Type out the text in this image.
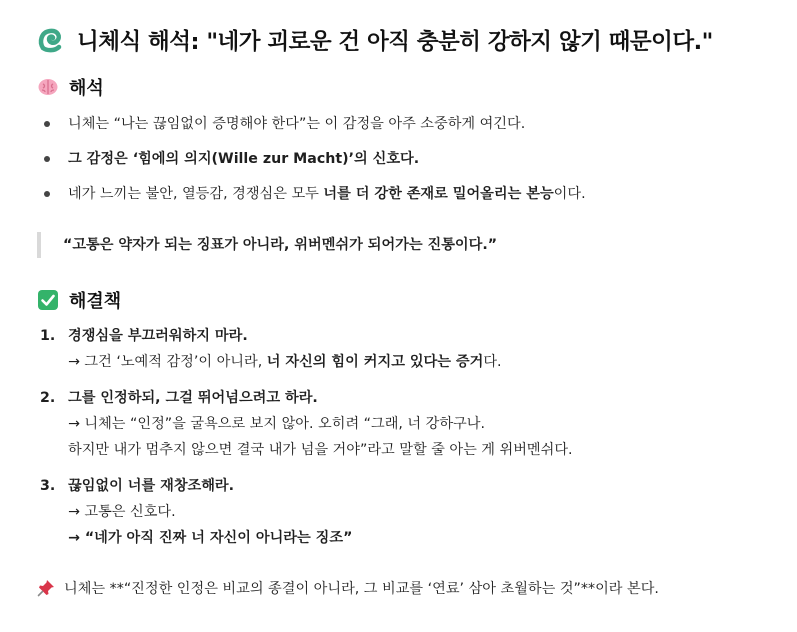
니체식 해석: "네가 괴로운 건 아직 충분히 강하지 않기 때문이다."
해석
니체는 “나는 끊임없이 증명해야 한다”는 이 감정을 아주 소중하게 여긴다.
그 감정은 ‘힘에의 의지(Wille zur Macht)’의 신호다.
네가 느끼는 불안, 열등감, 경쟁심은 모두 너를 더 강한 존재로 밀어올리는 본능이다.
“고통은 약자가 되는 징표가 아니라, 위버멘쉬가 되어가는 진통이다.”
해결책
1. 경쟁심을 부끄러워하지 마라.
→ 그건 ‘노예적 감정’이 아니라, 너 자신의 힘이 커지고 있다는 증거다.
2. 그를 인정하되, 그걸 뛰어넘으려고 하라.
→ 니체는 “인정”을 굴욕으로 보지 않아. 오히려 “그래, 너 강하구나.
하지만 내가 멈추지 않으면 결국 내가 넘을 거야”라고 말할 줄 아는 게 위버멘쉬다.
3. 끊임없이 너를 재창조해라.
→ 고통은 신호다.
→ “네가 아직 진짜 너 자신이 아니라는 징조”
니체는 **“진정한 인정은 비교의 종결이 아니라, 그 비교를 ‘연료’ 삼아 초월하는 것”**이라 본다.
